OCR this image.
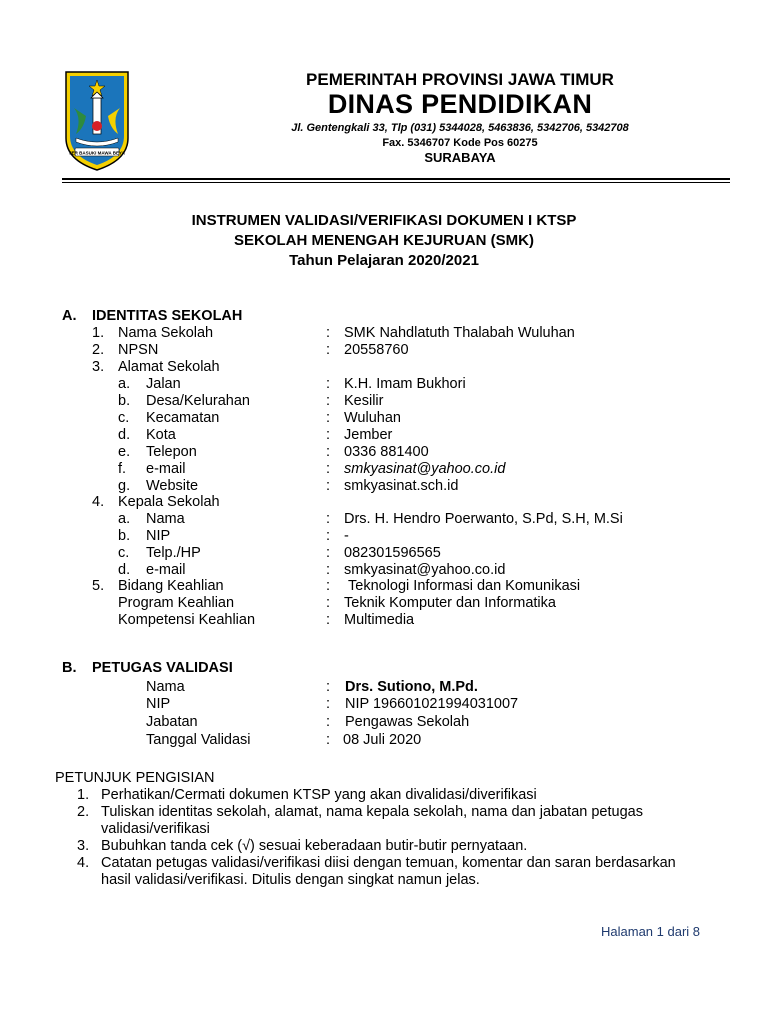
JER BASUKI MAWA BEYA
PEMERINTAH PROVINSI JAWA TIMUR
DINAS PENDIDIKAN
Jl. Gentengkali 33, Tlp (031) 5344028, 5463836, 5342706, 5342708
Fax. 5346707 Kode Pos 60275
SURABAYA
INSTRUMEN VALIDASI/VERIFIKASI DOKUMEN I KTSP
SEKOLAH MENENGAH KEJURUAN (SMK)
Tahun Pelajaran 2020/2021
A. IDENTITAS SEKOLAH
1. Nama Sekolah	: SMK Nahdlatuth Thalabah Wuluhan
2. NPSN	: 20558760
3. Alamat Sekolah
a. Jalan	: K.H. Imam Bukhori
b. Desa/Kelurahan	: Kesilir
c. Kecamatan	: Wuluhan
d. Kota	: Jember
e. Telepon	: 0336 881400
f. e-mail	: smkyasinat@yahoo.co.id
g. Website	: smkyasinat.sch.id
4. Kepala Sekolah
a. Nama	: Drs. H. Hendro Poerwanto, S.Pd, S.H, M.Si
b. NIP	: -
c. Telp./HP	: 082301596565
d. e-mail	: smkyasinat@yahoo.co.id
5. Bidang Keahlian	: Teknologi Informasi dan Komunikasi
Program Keahlian	: Teknik Komputer dan Informatika
Kompetensi Keahlian	: Multimedia
B. PETUGAS VALIDASI
Nama	: Drs. Sutiono, M.Pd.
NIP	: NIP 196601021994031007
Jabatan	: Pengawas Sekolah
Tanggal Validasi	: 08 Juli 2020
PETUNJUK PENGISIAN
1. Perhatikan/Cermati dokumen KTSP yang akan divalidasi/diverifikasi
2. Tuliskan identitas sekolah, alamat, nama kepala sekolah, nama dan jabatan petugas
validasi/verifikasi
3. Bubuhkan tanda cek (√) sesuai keberadaan butir-butir pernyataan.
4. Catatan petugas validasi/verifikasi diisi dengan temuan, komentar dan saran berdasarkan
hasil validasi/verifikasi. Ditulis dengan singkat namun jelas.
Halaman 1 dari 8
